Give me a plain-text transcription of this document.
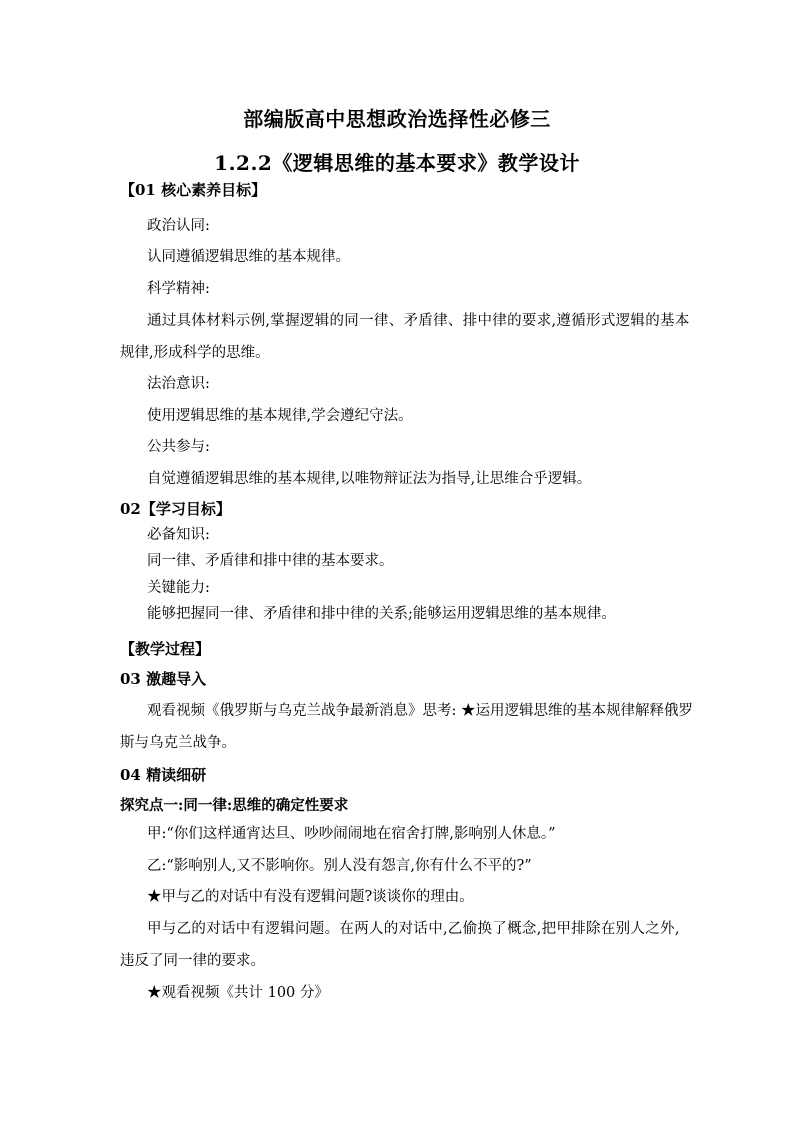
部编版高中思想政治选择性必修三
1.2.2《逻辑思维的基本要求》教学设计
【01 核心素养目标】
政治认同:
认同遵循逻辑思维的基本规律。
科学精神:
通过具体材料示例,掌握逻辑的同一律、矛盾律、排中律的要求,遵循形式逻辑的基本
规律,形成科学的思维。
法治意识:
使用逻辑思维的基本规律,学会遵纪守法。
公共参与:
自觉遵循逻辑思维的基本规律,以唯物辩证法为指导,让思维合乎逻辑。
02【学习目标】
必备知识:
同一律、矛盾律和排中律的基本要求。
关键能力:
能够把握同一律、矛盾律和排中律的关系;能够运用逻辑思维的基本规律。
【教学过程】
03 激趣导入
观看视频《俄罗斯与乌克兰战争最新消息》思考: ★运用逻辑思维的基本规律解释俄罗
斯与乌克兰战争。
04 精读细研
探究点一:同一律:思维的确定性要求
甲:“你们这样通宵达旦、吵吵闹闹地在宿舍打牌,影响别人休息。”
乙:“影响别人,又不影响你。别人没有怨言,你有什么不平的?”
★甲与乙的对话中有没有逻辑问题?谈谈你的理由。
甲与乙的对话中有逻辑问题。在两人的对话中,乙偷换了概念,把甲排除在别人之外,
违反了同一律的要求。
★观看视频《共计 100 分》
